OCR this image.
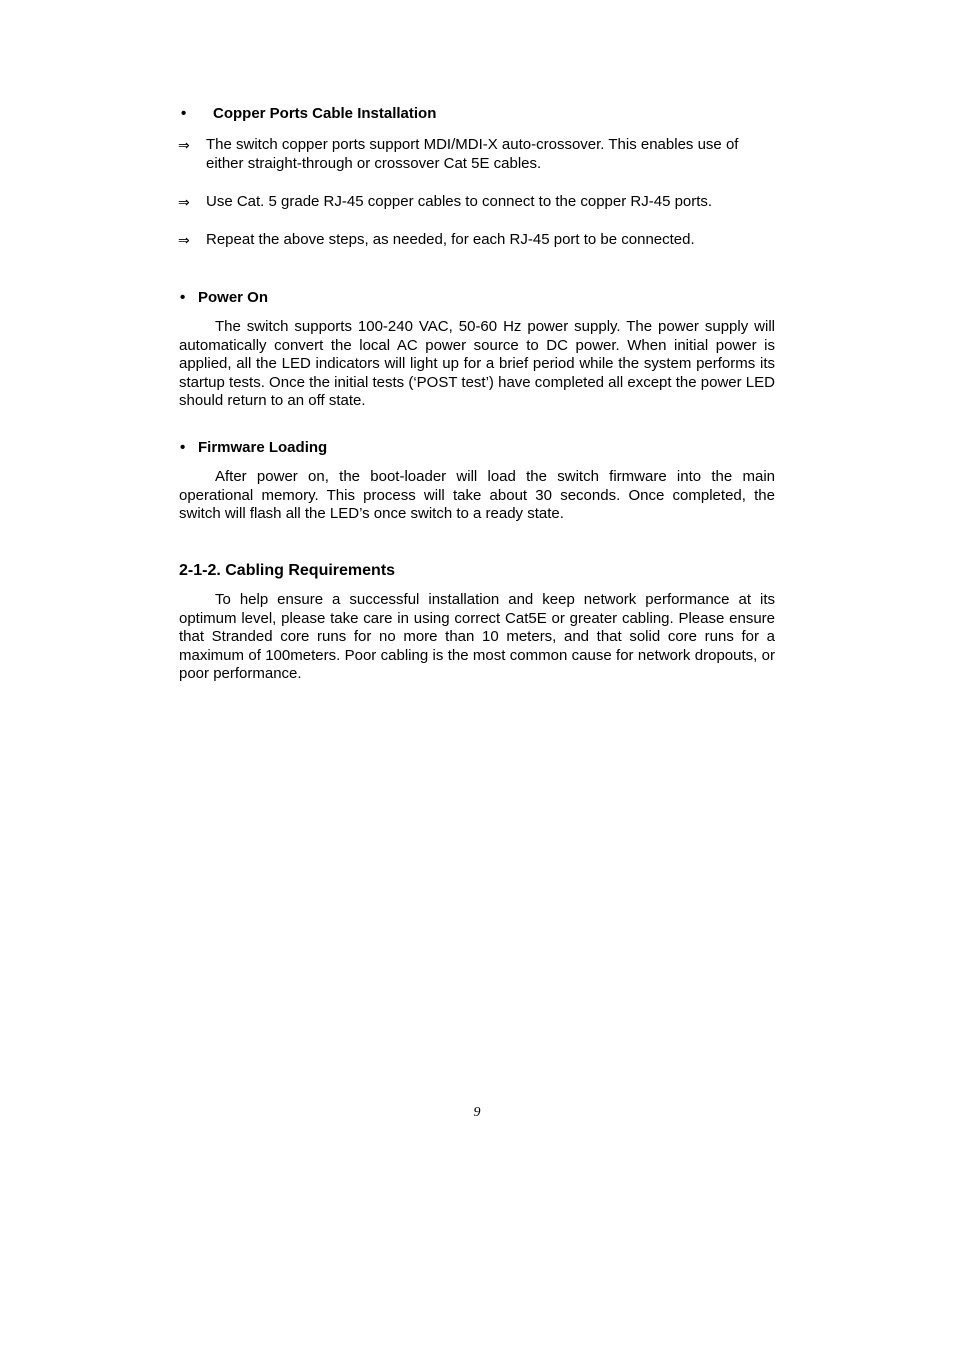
• Copper Ports Cable Installation
⇒ The switch copper ports support MDI/MDI-X auto-crossover. This enables use of either straight-through or crossover Cat 5E cables.
⇒ Use Cat. 5 grade RJ-45 copper cables to connect to the copper RJ-45 ports.
⇒ Repeat the above steps, as needed, for each RJ-45 port to be connected.
• Power On
The switch supports 100-240 VAC, 50-60 Hz power supply. The power supply will automatically convert the local AC power source to DC power. When initial power is applied, all the LED indicators will light up for a brief period while the system performs its startup tests. Once the initial tests (‘POST test’) have completed all except the power LED should return to an off state.
• Firmware Loading
After power on, the boot-loader will load the switch firmware into the main operational memory. This process will take about 30 seconds. Once completed, the switch will flash all the LED’s once switch to a ready state.
2-1-2. Cabling Requirements
To help ensure a successful installation and keep network performance at its optimum level, please take care in using correct Cat5E or greater cabling. Please ensure that Stranded core runs for no more than 10 meters, and that solid core runs for a maximum of 100meters. Poor cabling is the most common cause for network dropouts, or poor performance.
9
